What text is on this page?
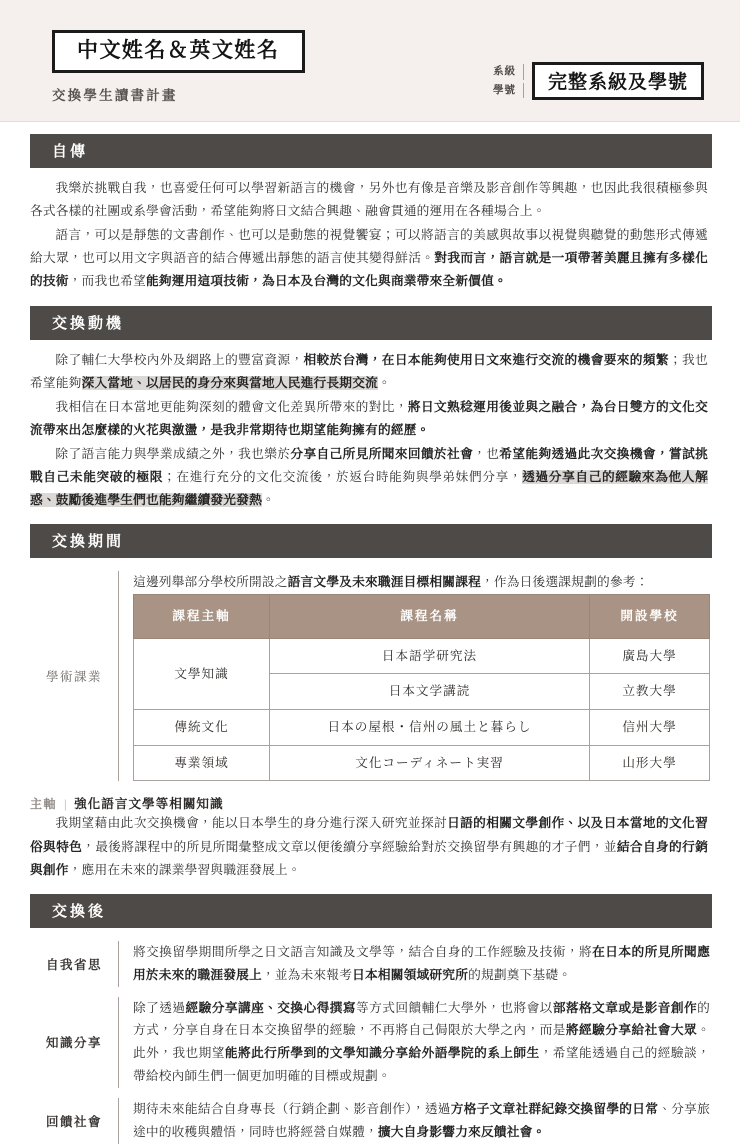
中文姓名＆英文姓名
交換學生讀書計畫
系級
學號	完整系級及學號
自傳

我樂於挑戰自我，也喜愛任何可以學習新語言的機會，另外也有像是音樂及影音創作等興趣，也因此我很積極參與各式各樣的社團或系學會活動，希望能夠將日文結合興趣、融會貫通的運用在各種場合上。

語言，可以是靜態的文書創作、也可以是動態的視覺饗宴；可以將語言的美感與故事以視覺與聽覺的動態形式傳遞給大眾，也可以用文字與語音的結合傳遞出靜態的語言使其變得鮮活。對我而言，語言就是一項帶著美麗且擁有多樣化的技術，而我也希望能夠運用這項技術，為日本及台灣的文化與商業帶來全新價值。

交換動機

除了輔仁大學校內外及網路上的豐富資源，相較於台灣，在日本能夠使用日文來進行交流的機會要來的頻繁；我也希望能夠深入當地、以居民的身分來與當地人民進行長期交流。

我相信在日本當地更能夠深刻的體會文化差異所帶來的對比，將日文熟稔運用後並與之融合，為台日雙方的文化交流帶來出怎麼樣的火花與激盪，是我非常期待也期望能夠擁有的經歷。

除了語言能力與學業成績之外，我也樂於分享自己所見所聞來回饋於社會，也希望能夠透過此次交換機會，嘗試挑戰自己未能突破的極限；在進行充分的文化交流後，於返台時能夠與學弟妹們分享，透過分享自己的經驗來為他人解惑、鼓勵後進學生們也能夠繼續發光發熱。

交換期間
學術課業

這邊列舉部分學校所開設之語言文學及未來職涯目標相關課程，作為日後選課規劃的參考：

課程主軸	課程名稱	開設學校
文學知識	日本語学研究法	廣島大學
	日本文学講読	立教大學
傳統文化	日本の屋根・信州の風土と暮らし	信州大學
專業領域	文化コーディネート実習	山形大學
主軸 | 強化語言文學等相關知識

我期望藉由此次交換機會，能以日本學生的身分進行深入研究並探討日語的相關文學創作、以及日本當地的文化習俗與特色，最後將課程中的所見所聞彙整成文章以便後續分享經驗給對於交換留學有興趣的才子們，並結合自身的行銷與創作，應用在未來的課業學習與職涯發展上。

交換後
自我省思

將交換留學期間所學之日文語言知識及文學等，結合自身的工作經驗及技術，將在日本的所見所聞應用於未來的職涯發展上，並為未來報考日本相關領域研究所的規劃奠下基礎。

知識分享

除了透過經驗分享講座、交換心得撰寫等方式回饋輔仁大學外，也將會以部落格文章或是影音創作的方式，分享自身在日本交換留學的經驗，不再將自己侷限於大學之內，而是將經驗分享給社會大眾。此外，我也期望能將此行所學到的文學知識分享給外語學院的系上師生，希望能透過自己的經驗談，帶給校內師生們一個更加明確的目標或規劃。

回饋社會

期待未來能結合自身專長（行銷企劃、影音創作），透過方格子文章社群紀錄交換留學的日常、分享旅途中的收穫與體悟，同時也將經營自媒體，擴大自身影響力來反饋社會。
